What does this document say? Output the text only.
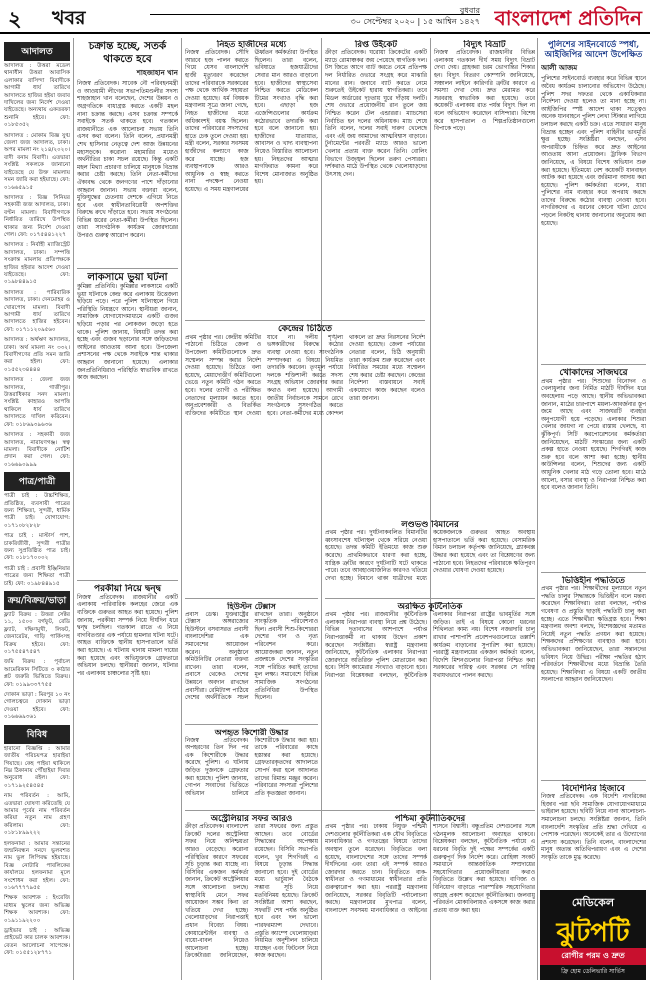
২ খবর	বুধবার
৩০ সেপ্টেম্বর ২০২০ | ১৫ আশ্বিন ১৪২৭ বাংলাদেশ প্রতিদিন
আদালত

আদালত : উত্তরা মডেল থানাধীন উত্তরা আবাসিক এলাকার বাসিন্দা বিবাদীকে আগামী ধার্য তারিখে আদালতে হাজির হইয়া জবাব দাখিলের জন্য নির্দেশ দেওয়া যাইতেছে। অন্যথায় একতরফা শুনানি হইবে। ফো: ০১৮৫৩৫২

আদালত : মোকাম বিজ্ঞ যুগ্ম জেলা জজ আদালত, ঢাকা। অপর মামলা নং ২১৪/২০২০। বাদী বনাম বিবাদী। এতদ্বারা সংশ্লিষ্ট সকলকে জানানো যাইতেছে যে উক্ত মামলায় সমন জারি করা হইয়াছে। ফো: ০১৬৬৫৯১৫

আদালত : বিজ্ঞ সিনিয়র সহকারী জজ আদালত, ঢাকা। বণ্টন মামলা। বিবাদীগণকে নির্ধারিত তারিখে উপস্থিত থাকার জন্য নির্দেশ দেওয়া গেল। ফো: ০১৭৫৪৪১২২৭

আদালত : নির্বাহী ম্যাজিস্ট্রেট আদালত, ঢাকা। সম্পত্তি সংক্রান্ত মামলায় প্রতিপক্ষকে হাজির হইবার আদেশ দেওয়া যাইতেছে। ফো: ০১৯৮৪৪৯১৫

আদালত : পারিবারিক আদালত, ঢাকা। দেনমোহর ও খোরপোষ মামলা। বিবাদী আগামী ধার্য তারিখে আদালতে হাজির হইবেন। ফো: ০১৭১১২০৯৫৬০

আদালত : অর্থঋণ আদালত, ঢাকা। অর্থ মামলা নং ৩৩২। বিবাদীগণের প্রতি সমন জারি করা হইল। ফো: ০১৫৫২৩৪৪৪৪

আদালত : জেলা জজ আদালত, গাজীপুর। উত্তরাধিকার সনদ মামলা। সংশ্লিষ্ট কাহারও আপত্তি থাকিলে ধার্য তারিখে আদালতে দাখিল করিবেন। ফো: ০১৮৬৯৩৯৬৩৬

আদালত : সহকারী জজ আদালত, নারায়ণগঞ্জ। স্বত্ব মামলা। বিবাদীকে নোটিশ প্রদান করা গেল। ফো: ০১৬৬৯০৯৯৯

পাত্র/পাত্রী

পাত্রী চাই : উচ্চশিক্ষিত, প্রতিষ্ঠিত, ব্যবসায়ী পাত্রের জন্য শিক্ষিতা, সুন্দরী, ধার্মিক পাত্রী চাই। যোগাযোগ: ০১৭১০৮২৮২৮

পাত্র চাই : মাস্টার্স পাশ, চাকরিজীবী, সুন্দরী পাত্রীর জন্য সুপ্রতিষ্ঠিত পাত্র চাই। ফো: ০১৮১৭০০০২

পাত্রী চাই : প্রবাসী ইঞ্জিনিয়ার পাত্রের জন্য শিক্ষিতা পাত্রী চাই। ফো: ০১৯৮৪৪৯১৫

ক্রয়/বিক্রয়/ভাড়া

ফ্ল্যাট বিক্রয় : উত্তরা সেক্টর ১১, ১৫০০ বর্গফুট, রেডি ফ্ল্যাট, দক্ষিণমুখী, লিফট, জেনারেটর, গাড়ি পার্কিংসহ বিক্রয় হইবে। ফো: ০১৭৫৫৪৭৫৪৭

জমি বিক্রয় : পূর্বাচল আমেরিকান সিটিতে ৩ কাঠার প্লট জরুরি ভিত্তিতে বিক্রয়। ফো: ০১৯৯৩৩৭৭৫৫

দোকান ভাড়া : মিরপুর ১০ নং গোলচত্বরে দোকান ভাড়া দেওয়া হইবে। ফো: ০১৬৬৬৯৩৬১

বিবিধ

হারানো বিজ্ঞপ্তি : আমার জাতীয় পরিচয়পত্র হারাইয়া গিয়াছে। কেহ পাইয়া থাকিলে নিম্ন ঠিকানায় পৌঁছাইয়া দিবার অনুরোধ রইল। ফো: ০১৭১৯২৫৪৫৪৫

নাম পরিবর্তন : আমি, এতদ্বারা ঘোষণা করিতেছি যে আমার পূর্বের নাম পরিবর্তন করিয়া নতুন নাম গ্রহণ করিলাম। ফো: ০১৮১৮৯৯২২২

হলফনামা : আমার সন্তানের জন্মনিবন্ধন সনদে ভুলবশত নাম ভুল লিপিবদ্ধ হইয়াছে। বিজ্ঞ নোটারি পাবলিকের কার্যালয়ে হলফনামা মূলে সংশোধন করা হইল। ফো: ০১৬৭৭৭৭৯৫৫

শিক্ষক আবশ্যক : ইংরেজি মাধ্যম স্কুলের জন্য অভিজ্ঞ শিক্ষক আবশ্যক। ফো: ০১৯১১৯২২০০

ড্রাইভার চাই : অভিজ্ঞ প্রাইভেট কার চালক আবশ্যক। বেতন আলোচনা সাপেক্ষে। ফো: ০১৫৫১২৮৭৭১

চক্রান্ত হচ্ছে, সতর্ক থাকতে হবে
শাহজাহান খান

নিজস্ব প্রতিবেদক। সাবেক নৌ পরিবহনমন্ত্রী ও আওয়ামী লীগের সভাপতিমণ্ডলীর সদস্য শাহজাহান খান বলেছেন, দেশের উন্নয়ন ও অগ্রগতিকে বাধাগ্রস্ত করতে একটি মহল নানা চক্রান্ত করছে। এসব চক্রান্ত সম্পর্কে সবাইকে সতর্ক থাকতে হবে। গতকাল রাজধানীতে এক আলোচনা সভায় তিনি এসব কথা বলেন। তিনি বলেন, প্রধানমন্ত্রী শেখ হাসিনার নেতৃত্বে দেশ আজ উন্নয়নের মহাসড়কে। করোনা মহামারির মধ্যেও অর্থনীতির চাকা সচল রয়েছে। কিন্তু একটি মহল মিথ্যা প্রচারণা চালিয়ে মানুষকে বিভ্রান্ত করার চেষ্টা করছে। তিনি নেতা-কর্মীদের ঐক্যবদ্ধ থেকে জনগণের পাশে দাঁড়ানোর আহ্বান জানান। সভায় বক্তারা বলেন, মুক্তিযুদ্ধের চেতনায় দেশকে এগিয়ে নিতে হবে এবং স্বাধীনতাবিরোধী অপশক্তির বিরুদ্ধে রুখে দাঁড়াতে হবে। সভায় সংগঠনের বিভিন্ন স্তরের নেতা-কর্মীরা উপস্থিত ছিলেন। তারা সাংগঠনিক কার্যক্রম জোরদারের উপরও গুরুত্ব আরোপ করেন।

লাকসামে ভুয়া ঘটনা

কুমিল্লা প্রতিনিধি। কুমিল্লার লাকসামে একটি ভুয়া ঘটনাকে কেন্দ্র করে এলাকায় উত্তেজনা ছড়িয়ে পড়ে। পরে পুলিশ ঘটনাস্থলে গিয়ে পরিস্থিতি নিয়ন্ত্রণে আনে। স্থানীয়রা জানান, সামাজিক যোগাযোগমাধ্যমে একটি গুজব ছড়িয়ে পড়ার পর লোকজন জড়ো হতে থাকে। পুলিশ জানায়, বিষয়টি তদন্ত করা হচ্ছে এবং গুজব ছড়ানোর সঙ্গে জড়িতদের আইনের আওতায় আনা হবে। উপজেলা প্রশাসনের পক্ষ থেকে সবাইকে শান্ত থাকার আহ্বান জানানো হয়েছে। এলাকার জনপ্রতিনিধিরাও পরিস্থিতি স্বাভাবিক রাখতে কাজ করছেন।

পরকীয়া নিয়ে দ্বন্দ্ব

নিজস্ব প্রতিবেদক। রাজধানীর একটি এলাকায় পারিবারিক কলহের জেরে এক ব্যক্তিকে গুরুতর আহত করা হয়েছে। পুলিশ জানায়, পরকীয়া সম্পর্ক নিয়ে দীর্ঘদিন ধরে দ্বন্দ্ব চলছিল। গতকাল রাতে এ নিয়ে বাগবিতণ্ডার এক পর্যায়ে হামলার ঘটনা ঘটে। আহত ব্যক্তিকে স্থানীয় হাসপাতালে ভর্তি করা হয়েছে। এ ঘটনায় থানায় মামলা দায়ের করা হয়েছে এবং অভিযুক্তকে গ্রেফতারে অভিযান চলছে। স্থানীয়রা জানান, ঘটনার পর এলাকায় চাঞ্চল্যের সৃষ্টি হয়।

নিহত হাজীদের মধ্যে

নিজস্ব প্রতিবেদক। সৌদি আরবে হজ পালন করতে গিয়ে যেসব বাংলাদেশি হাজী মৃত্যুবরণ করেছেন তাদের পরিবারকে সরকারের পক্ষ থেকে আর্থিক সহায়তা দেওয়া হয়েছে। ধর্ম বিষয়ক মন্ত্রণালয় সূত্রে জানা গেছে, নিহত হাজীদের মধ্যে অধিকাংশই বয়স্ক ছিলেন। তাদের পরিবারের সদস্যদের হাতে চেক তুলে দেওয়া হয়। মন্ত্রী বলেন, সরকার সবসময় হাজীদের কল্যাণে কাজ করে যাচ্ছে। হজ ব্যবস্থাপনাকে আরও আধুনিক ও স্বচ্ছ করতে নানা পদক্ষেপ নেওয়া হয়েছে। এ সময় মন্ত্রণালয়ের ঊর্ধ্বতন কর্মকর্তারা উপস্থিত ছিলেন। তারা বলেন, ভবিষ্যতে হজযাত্রীদের সেবার মান আরও বাড়ানো হবে। হাজীদের স্বাস্থ্যসেবা নিশ্চিত করতে মেডিকেল টিমের সংখ্যাও বৃদ্ধি করা হবে। এছাড়া হজ এজেন্সিগুলোর কার্যক্রম কঠোরভাবে তদারকি করা হবে বলে জানানো হয়। হাজীদের যাতায়াত, আবাসন ও খাদ্য ব্যবস্থাপনা নিয়েও বিস্তারিত আলোচনা হয়। নিহতদের আত্মার মাগফিরাত কামনা করে বিশেষ মোনাজাত অনুষ্ঠিত হয়।

কেন্দ্রের চিঠিতে

প্রথম পৃষ্ঠার পর। কেন্দ্রীয় কমিটির পাঠানো চিঠিতে জেলা ও উপজেলা কমিটিগুলোকে দ্রুত সম্মেলন সম্পন্ন করার নির্দেশ দেওয়া হয়েছে। চিঠিতে বলা হয়েছে, মেয়াদোত্তীর্ণ কমিটিগুলো ভেঙে নতুন কমিটি গঠন করতে হবে। দলের ত্যাগী ও পরীক্ষিত নেতাদের মূল্যায়ন করতে হবে। অনুপ্রবেশকারী ও বিতর্কিত ব্যক্তিদের কমিটিতে স্থান দেওয়া যাবে না। দলীয় শৃঙ্খলা ভঙ্গকারীদের বিরুদ্ধে কঠোর ব্যবস্থা নেওয়া হবে। সাংগঠনিক সম্পাদকরা এ বিষয়ে নিয়মিত তদারকি করবেন। তৃণমূল পর্যায়ে দলকে শক্তিশালী করতে সদস্য সংগ্রহ অভিযান জোরদার করার কথাও বলা হয়েছে। আগামী জাতীয় নির্বাচনকে সামনে রেখে সংগঠনকে সুসংগঠিত করতে হবে। নেতা-কর্মীদের মধ্যে কোন্দল থাকলে তা দ্রুত নিরসনের নির্দেশ দেওয়া হয়েছে। জেলা পর্যায়ের নেতারা বলেন, চিঠি অনুযায়ী তারা কার্যক্রম শুরু করেছেন এবং নির্ধারিত সময়ের মধ্যে সম্মেলন শেষ করার চেষ্টা করছেন। কেন্দ্রের নির্দেশনা বাস্তবায়নে সবাই একযোগে কাজ করছেন বলেও তারা জানান।

হিউস্টন টেক্সাস

প্রবাস ডেস্ক। যুক্তরাষ্ট্রের টেক্সাস অঙ্গরাজ্যের হিউস্টনে বসবাসরত প্রবাসী বাংলাদেশিরা এক সমাবেশের আয়োজন করেন। অনুষ্ঠানে কমিউনিটির নেতারা বক্তব্য রাখেন। তারা বলেন, প্রবাসে থেকেও দেশের উন্নয়নে অবদান রাখছেন প্রবাসীরা। রেমিট্যান্স পাঠিয়ে দেশের অর্থনীতিকে সচল রাখছেন তারা। অনুষ্ঠানে সাংস্কৃতিক পরিবেশনাও ছিল। প্রবাসী শিশু-কিশোররা দেশের গান ও নৃত্য পরিবেশন করে। আয়োজকরা জানান, নতুন প্রজন্মকে দেশের সংস্কৃতির সঙ্গে পরিচিত করাই তাদের মূল লক্ষ্য। সমাবেশে বিভিন্ন সামাজিক সংগঠনের প্রতিনিধিরা উপস্থিত ছিলেন।

অপহৃত কিশোরী উদ্ধার

নিজস্ব প্রতিবেদক। অপহরণের তিন দিন পর এক কিশোরীকে উদ্ধার করেছে পুলিশ। এ ঘটনায় জড়িত দুজনকে গ্রেফতার করা হয়েছে। পুলিশ জানায়, গোপন সংবাদের ভিত্তিতে অভিযান চালিয়ে কিশোরীকে উদ্ধার করা হয়। তাকে পরিবারের কাছে হস্তান্তর করা হয়েছে। গ্রেফতারকৃতদের আদালতে সোপর্দ করা হলে আদালত তাদের রিমান্ড মঞ্জুর করেন। পরিবারের সদস্যরা পুলিশের প্রতি কৃতজ্ঞতা জানান।

রিপ্ত উইকেট

ক্রীড়া প্রতিবেদক। ঘরোয়া ক্রিকেটের একটি ম্যাচে রোমাঞ্চকর জয় পেয়েছে স্বাগতিক দল। টস জিতে আগে ব্যাট করতে নেমে প্রতিপক্ষ দল নির্ধারিত ওভারে সংগ্রহ করে মাঝারি মানের রান। জবাবে ব্যাট করতে নেমে শুরুতেই উইকেট হারায় স্বাগতিকরা। তবে মিডল অর্ডারের দৃঢ়তায় ঘুরে দাঁড়ায় দলটি। শেষ ওভারে প্রয়োজনীয় রান তুলে জয় নিশ্চিত করেন টেল এন্ডাররা। ম্যাচসেরা নির্বাচিত হন দলের অধিনায়ক। ম্যাচ শেষে তিনি বলেন, দলের সবাই দারুণ খেলেছে এবং এই জয় আমাদের আত্মবিশ্বাস বাড়াবে। টুর্নামেন্টের পরবর্তী ম্যাচে আরও ভালো খেলার প্রত্যয় ব্যক্ত করেন তিনি। বোলিং বিভাগে উজ্জ্বল ছিলেন তরুণ পেসাররা। দর্শকরাও মাঠে উপস্থিত থেকে খেলোয়াড়দের উৎসাহ দেন।

লণ্ডভণ্ড বিমানের

প্রথম পৃষ্ঠার পর। দুর্ঘটনাকবলিত বিমানটির ধ্বংসাবশেষ ঘটনাস্থল থেকে সরিয়ে নেওয়া হয়েছে। তদন্ত কমিটি ইতিমধ্যে কাজ শুরু করেছে। প্রাথমিকভাবে ধারণা করা হচ্ছে, যান্ত্রিক ত্রুটির কারণে দুর্ঘটনাটি ঘটে থাকতে পারে। তবে আবহাওয়াজনিত কারণও খতিয়ে দেখা হচ্ছে। বিমানে থাকা যাত্রীদের মধ্যে কয়েকজনকে গুরুতর আহত অবস্থায় হাসপাতালে ভর্তি করা হয়েছে। বেসামরিক বিমান চলাচল কর্তৃপক্ষ জানিয়েছে, ব্ল্যাকবক্স উদ্ধার করা হয়েছে এবং তা বিশ্লেষণের জন্য পাঠানো হবে। নিহতদের পরিবারকে ক্ষতিপূরণ দেওয়ার ঘোষণা দেওয়া হয়েছে।

অরক্ষিত কূটনৈতিক

প্রথম পৃষ্ঠার পর। রাজধানীর কূটনৈতিক এলাকায় নিরাপত্তা ব্যবস্থা নিয়ে প্রশ্ন উঠেছে। বিভিন্ন দূতাবাসের আশপাশে পর্যাপ্ত নিরাপত্তাকর্মী না থাকায় উদ্বেগ প্রকাশ করেছেন সংশ্লিষ্টরা। স্বরাষ্ট্র মন্ত্রণালয় জানিয়েছে, কূটনৈতিক এলাকার নিরাপত্তা জোরদারে অতিরিক্ত পুলিশ মোতায়েন করা হবে। সিসি ক্যামেরার সংখ্যাও বাড়ানো হবে। নিরাপত্তা বিশ্লেষকরা বলছেন, কূটনৈতিক এলাকার নিরাপত্তা রাষ্ট্রের ভাবমূর্তির সঙ্গে জড়িত। তাই এ বিষয়ে কোনো ধরনের শিথিলতা কাম্য নয়। বিশেষ নজরদারি চালু রাখার পাশাপাশি প্রবেশপথগুলোতে তল্লাশি কার্যক্রম বাড়ানোর সুপারিশ করা হয়েছে। পররাষ্ট্র মন্ত্রণালয়ের একজন কর্মকর্তা বলেন, বিদেশি মিশনগুলোর নিরাপত্তা নিশ্চিত করা সরকারের দায়িত্ব এবং সরকার সে দায়িত্ব যথাযথভাবে পালন করছে।

অস্ট্রেলিয়ার সফর আরও

ক্রীড়া প্রতিবেদক। বাংলাদেশ ক্রিকেট দলের অস্ট্রেলিয়া সফর নিয়ে অনিশ্চয়তা আরও বেড়েছে। করোনা পরিস্থিতির কারণে সফরের সূচি চূড়ান্ত করা যাচ্ছে না। বিসিবির একজন কর্মকর্তা জানান, ক্রিকেট অস্ট্রেলিয়ার সঙ্গে আলোচনা চলছে। স্বাস্থ্যবিধি মেনে সফর আয়োজন সম্ভব কিনা তা খতিয়ে দেখা হচ্ছে। খেলোয়াড়দের নিরাপত্তাই প্রধান বিবেচ্য বিষয়। কোয়ারেন্টাইন ব্যবস্থা ও বায়ো-বাবল নিয়েও আলোচনা হচ্ছে। ক্রিকেটাররা জানিয়েছেন, তারা সফরের জন্য প্রস্তুত আছেন। তবে বোর্ডের সিদ্ধান্তের অপেক্ষায় রয়েছেন। বিসিবি সভাপতি বলেন, খুব শিগগিরই এ বিষয়ে চূড়ান্ত সিদ্ধান্ত জানানো হবে। দুই বোর্ডের মধ্যে ভার্চুয়াল বৈঠকে সম্ভাব্য সূচি নিয়ে মতবিনিময় হয়েছে। ক্রিকেট সংশ্লিষ্টরা আশা করছেন, সফরটি শেষ পর্যন্ত অনুষ্ঠিত হবে এবং দল ভালো পারফরম্যান্স দেখাবে। প্রস্তুতি ক্যাম্পে খেলোয়াড়রা নিয়মিত অনুশীলন চালিয়ে যাচ্ছেন এবং ফিটনেস নিয়ে কাজ করছেন।

পশ্চিমা কূটনীতিকদের

প্রথম পৃষ্ঠার পর। ঢাকায় নিযুক্ত পশ্চিমা দেশগুলোর কূটনীতিকরা এক যৌথ বিবৃতিতে মানবাধিকার ও গণতন্ত্রের বিষয়ে তাদের অবস্থান তুলে ধরেছেন। বিবৃতিতে বলা হয়েছে, বাংলাদেশের সঙ্গে তাদের সম্পর্ক দীর্ঘদিনের এবং তারা এই সম্পর্ক আরও জোরদার করতে চান। বিবৃতিতে বাক-স্বাধীনতা ও গণমাধ্যমের স্বাধীনতার প্রতি গুরুত্বারোপ করা হয়। পররাষ্ট্র মন্ত্রণালয় জানিয়েছে, সরকার বিবৃতিটি পর্যালোচনা করছে। মন্ত্রণালয়ের মুখপাত্র বলেন, বাংলাদেশ সবসময় মানবাধিকার ও আইনের শাসনে বিশ্বাসী। বন্ধুপ্রতিম দেশগুলোর সঙ্গে গঠনমূলক আলোচনা অব্যাহত থাকবে। বিশ্লেষকরা বলছেন, কূটনৈতিক পর্যায়ে এ ধরনের বিবৃতি দুই পক্ষের সম্পর্কের একটি গুরুত্বপূর্ণ দিক নির্দেশ করে। রোহিঙ্গা সংকট সমাধানে আন্তর্জাতিক সম্প্রদায়ের সহযোগিতার প্রয়োজনীয়তার কথাও বিবৃতিতে উল্লেখ করা হয়েছে। বাণিজ্য ও বিনিয়োগ বাড়াতে পারস্পরিক সহযোগিতার আগ্রহ প্রকাশ করেছেন কূটনীতিকরা। জলবায়ু পরিবর্তন মোকাবিলায়ও একসঙ্গে কাজ করার প্রত্যয় ব্যক্ত করা হয়।

বিদ্যুৎ বিভ্রাট

নিজস্ব প্রতিবেদক। রাজধানীর বিভিন্ন এলাকায় গতকাল দীর্ঘ সময় বিদ্যুৎ বিভ্রাট দেখা দেয়। গ্রাহকরা চরম ভোগান্তির শিকার হন। বিদ্যুৎ বিতরণ কোম্পানি জানিয়েছে, সঞ্চালন লাইনে কারিগরি ত্রুটির কারণে এ সমস্যা দেখা দেয়। দ্রুত মেরামত করে সরবরাহ স্বাভাবিক করা হয়েছে। তবে কয়েকটি এলাকায় রাত পর্যন্ত বিদ্যুৎ ছিল না বলে অভিযোগ করেছেন বাসিন্দারা। বিশেষ করে হাসপাতাল ও শিল্পপ্রতিষ্ঠানগুলো বিপাকে পড়ে।

পুলিশের সাইনবোর্ডে স্পর্ধা, আইজিপির আদেশ উপেক্ষিত
আলী আজম

পুলিশের সাইনবোর্ড ব্যবহার করে বিভিন্ন স্থানে অবৈধ কার্যক্রম চালানোর অভিযোগ উঠেছে। পুলিশ সদর দফতর থেকে একাধিকবার নির্দেশনা দেওয়া হলেও তা মানা হচ্ছে না। আইজিপির স্পষ্ট আদেশ থাকা সত্ত্বেও অনেক যানবাহনে পুলিশ লেখা স্টিকার লাগিয়ে চলাচল করছে একটি চক্র। এতে সাধারণ মানুষ বিভ্রান্ত হচ্ছেন এবং পুলিশ বাহিনীর ভাবমূর্তি ক্ষুণ্ণ হচ্ছে। সংশ্লিষ্টরা বলছেন, এসব অপরাধীকে চিহ্নিত করে দ্রুত আইনের আওতায় আনা প্রয়োজন। ট্রাফিক বিভাগ জানিয়েছে, এ বিষয়ে বিশেষ অভিযান শুরু করা হয়েছে। ইতিমধ্যে বেশ কয়েকটি যানবাহন আটক করা হয়েছে এবং জরিমানা আদায় করা হয়েছে। পুলিশ কর্মকর্তারা বলেন, যারা পুলিশের নাম ব্যবহার করে অপরাধ করছে তাদের বিরুদ্ধে কঠোর ব্যবস্থা নেওয়া হবে। নাগরিকদের এ ধরনের কোনো ঘটনা চোখে পড়লে নিকটস্থ থানায় জানানোর অনুরোধ করা হয়েছে।

খোকাদের সাজঘরে

প্রথম পৃষ্ঠার পর। শিশুদের বিনোদন ও খেলাধুলার জন্য নির্মিত মাঠটি দীর্ঘদিন ধরে অবহেলায় পড়ে আছে। স্থানীয় অভিভাবকরা জানান, মাঠের চারপাশে ময়লা-আবর্জনার স্তূপ জমে আছে এবং সাজঘরটি ব্যবহার অনুপযোগী হয়ে পড়েছে। এলাকার শিশুরা খেলার জায়গা না পেয়ে রাস্তায় খেলছে, যা ঝুঁকিপূর্ণ। সিটি করপোরেশনের কর্মকর্তারা জানিয়েছেন, মাঠটি সংস্কারের জন্য একটি প্রকল্প হাতে নেওয়া হয়েছে। শিগগিরই কাজ শুরু হবে বলে আশা করা হচ্ছে। স্থানীয় কাউন্সিলর বলেন, শিশুদের জন্য একটি আধুনিক খেলার মাঠ গড়ে তোলা হবে। মাঠে আলো, বসার ব্যবস্থা ও নিরাপত্তা নিশ্চিত করা হবে বলেও জানান তিনি।

ভিত্তিহীন পদ্ধতিতে

প্রথম পৃষ্ঠার পর। শিক্ষার্থীদের মূল্যায়নে নতুন পদ্ধতি চালুর সিদ্ধান্তকে ভিত্তিহীন বলে মন্তব্য করেছেন শিক্ষাবিদরা। তারা বলছেন, পর্যাপ্ত গবেষণা ও প্রস্তুতি ছাড়াই পদ্ধতিটি চালু করা হচ্ছে। এতে শিক্ষার্থীরা ক্ষতিগ্রস্ত হবে। শিক্ষা মন্ত্রণালয় অবশ্য বলছে, বিশেষজ্ঞদের মতামত নিয়েই নতুন পদ্ধতি প্রণয়ন করা হয়েছে। শিক্ষকদের প্রশিক্ষণের ব্যবস্থাও করা হবে। অভিভাবকরা জানিয়েছেন, তারা সন্তানদের ভবিষ্যৎ নিয়ে উদ্বিগ্ন। পরীক্ষা পদ্ধতির হঠাৎ পরিবর্তনে শিক্ষার্থীদের মধ্যে বিভ্রান্তি তৈরি হয়েছে। শিক্ষাবিদরা এ বিষয়ে একটি জাতীয় সংলাপের আহ্বান জানিয়েছেন।

বিদেশিনির হিজাবে

নিজস্ব প্রতিবেদক। এক বিদেশি নাগরিকের হিজাব পরা ছবি সামাজিক যোগাযোগমাধ্যমে ভাইরাল হয়েছে। ছবিটি নিয়ে নানা আলোচনা-সমালোচনা চলছে। সংশ্লিষ্টরা জানান, তিনি বাংলাদেশি সংস্কৃতির প্রতি শ্রদ্ধা দেখিয়ে এ পোশাক পরেছেন। অনেকেই তার এ উদ্যোগের প্রশংসা করেছেন। তিনি বলেন, বাংলাদেশের মানুষ অত্যন্ত অতিথিপরায়ণ এবং এ দেশের সংস্কৃতি তাকে মুগ্ধ করেছে।

মেডিকেল
ঝুটপটি
রোগীর পরম ও দ্রুত
ফ্রি হোম ডেলিভারি সার্ভিস
